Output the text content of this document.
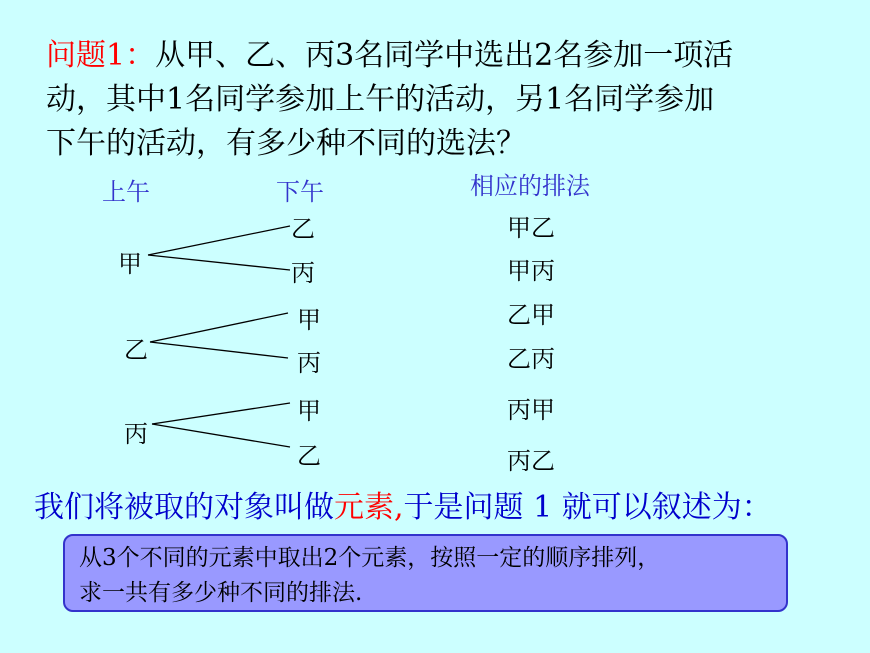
问题1：从甲、乙、丙3名同学中选出2名参加一项活
动，其中1名同学参加上午的活动，另1名同学参加
下午的活动，有多少种不同的选法？
上午	下午	相应的排法
甲
乙
丙
乙
丙
甲
丙
甲
乙
甲乙
甲丙
乙甲
乙丙
丙甲
丙乙
我们将被取的对象叫做元素,于是问题 1 就可以叙述为：
从3个不同的元素中取出2个元素，按照一定的顺序排列，
求一共有多少种不同的排法.
